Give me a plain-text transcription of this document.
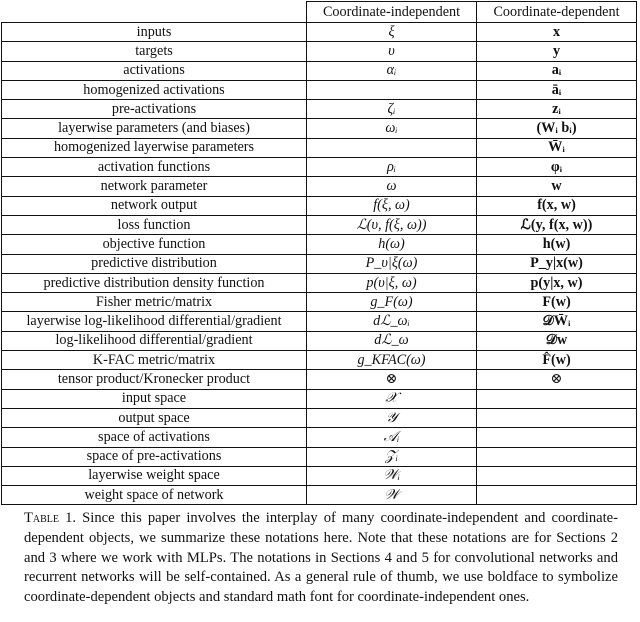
	Coordinate-independent	Coordinate-dependent
inputs	ξ	x
targets	υ	y
activations	αᵢ	aᵢ
homogenized activations		āᵢ
pre-activations	ζᵢ	zᵢ
layerwise parameters (and biases)	ωᵢ	(Wᵢ bᵢ)
homogenized layerwise parameters		W̄ᵢ
activation functions	ρᵢ	φᵢ
network parameter	ω	w
network output	f(ξ, ω)	f(x, w)
loss function	ℒ(υ, f(ξ, ω))	ℒ(y, f(x, w))
objective function	h(ω)	h(w)
predictive distribution	P_υ|ξ(ω)	P_y|x(w)
predictive distribution density function	p(υ|ξ, ω)	p(y|x, w)
Fisher metric/matrix	g_F(ω)	F(w)
layerwise log-likelihood differential/gradient	dℒ_ωᵢ	𝒟W̄ᵢ
log-likelihood differential/gradient	dℒ_ω	𝒟w
K-FAC metric/matrix	g_KFAC(ω)	F̂(w)
tensor product/Kronecker product	⊗	⊗
input space	𝒳	
output space	𝒴	
space of activations	𝒜ᵢ	
space of pre-activations	𝒵ᵢ	
layerwise weight space	𝒲ᵢ	
weight space of network	𝒲	
Table 1. Since this paper involves the interplay of many coordinate-independent and coordinate-dependent objects, we summarize these notations here. Note that these notations are for Sections 2 and 3 where we work with MLPs. The notations in Sections 4 and 5 for convolutional networks and recurrent networks will be self-contained. As a general rule of thumb, we use boldface to symbolize coordinate-dependent objects and standard math font for coordinate-independent ones.
